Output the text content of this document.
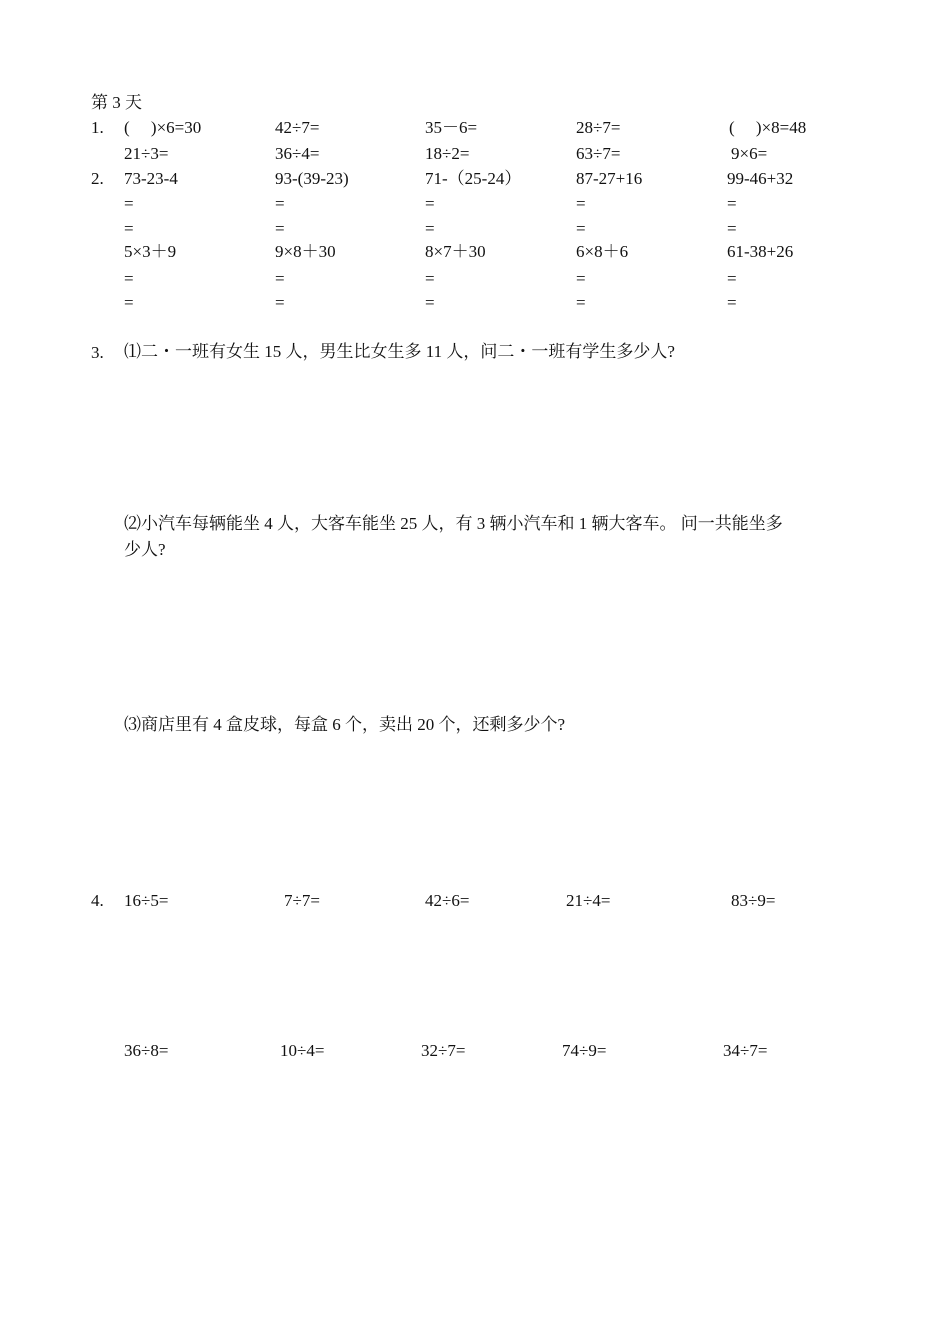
第 3 天
1. (　 )×6=30	42÷7=	35－6=	28÷7=	(　 )×8=48
21÷3=	36÷4=	18÷2=	63÷7=	9×6=
2. 73-23-4	93-(39-23)	71-（25-24）	87-27+16	99-46+32
=	=	=	=	=
=	=	=	=	=
5×3＋9	9×8＋30	8×7＋30	6×8＋6	61-38+26
=	=	=	=	=
=	=	=	=	=
3. ⑴二・一班有女生 15 人，男生比女生多 11 人，问二・一班有学生多少人?
⑵小汽车每辆能坐 4 人，大客车能坐 25 人，有 3 辆小汽车和 1 辆大客车。 问一共能坐多
少人?
⑶商店里有 4 盒皮球，每盒 6 个，卖出 20 个，还剩多少个?
4. 16÷5=	7÷7=	42÷6=	21÷4=	83÷9=
36÷8=	10÷4=	32÷7=	74÷9=	34÷7=
